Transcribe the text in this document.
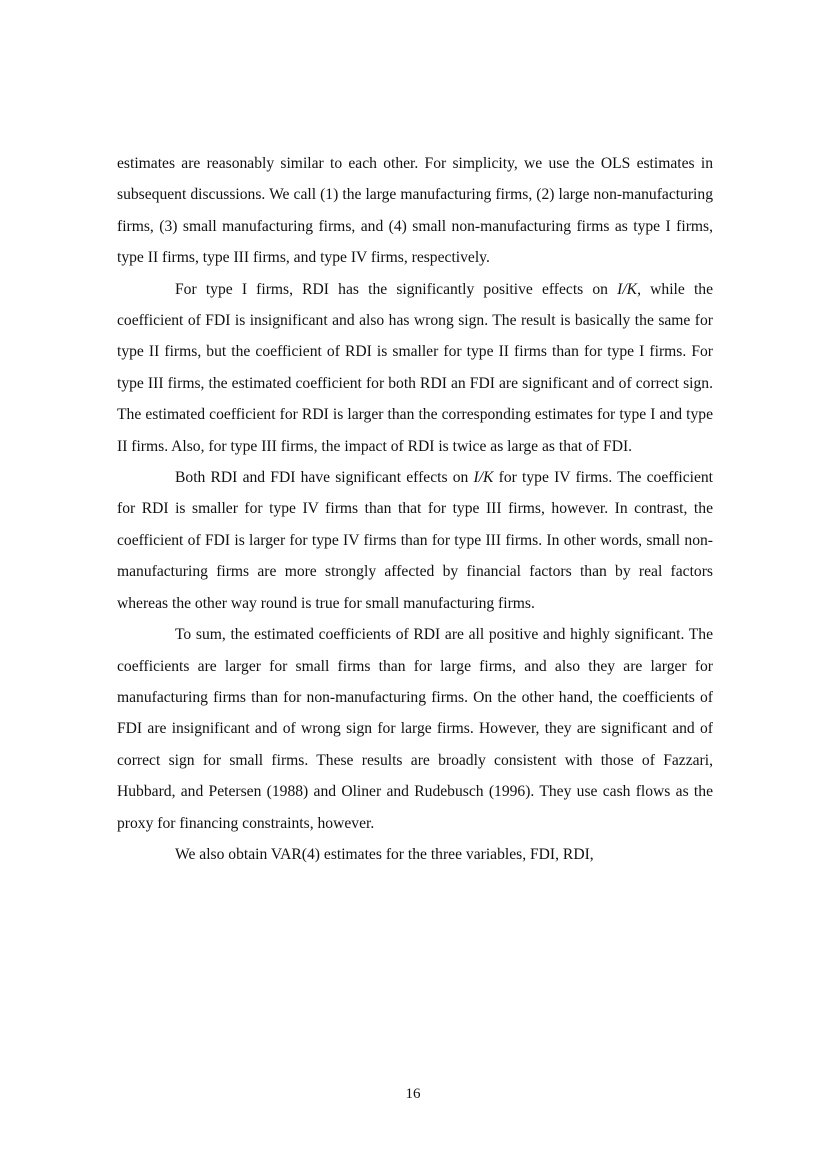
estimates are reasonably similar to each other. For simplicity, we use the OLS estimates in subsequent discussions. We call (1) the large manufacturing firms, (2) large non-manufacturing firms, (3) small manufacturing firms, and (4) small non-manufacturing firms as type I firms, type II firms, type III firms, and type IV firms, respectively.

For type I firms, RDI has the significantly positive effects on I/K, while the coefficient of FDI is insignificant and also has wrong sign. The result is basically the same for type II firms, but the coefficient of RDI is smaller for type II firms than for type I firms. For type III firms, the estimated coefficient for both RDI an FDI are significant and of correct sign. The estimated coefficient for RDI is larger than the corresponding estimates for type I and type II firms. Also, for type III firms, the impact of RDI is twice as large as that of FDI.

Both RDI and FDI have significant effects on I/K for type IV firms. The coefficient for RDI is smaller for type IV firms than that for type III firms, however. In contrast, the coefficient of FDI is larger for type IV firms than for type III firms. In other words, small non-manufacturing firms are more strongly affected by financial factors than by real factors whereas the other way round is true for small manufacturing firms.

To sum, the estimated coefficients of RDI are all positive and highly significant. The coefficients are larger for small firms than for large firms, and also they are larger for manufacturing firms than for non-manufacturing firms. On the other hand, the coefficients of FDI are insignificant and of wrong sign for large firms. However, they are significant and of correct sign for small firms. These results are broadly consistent with those of Fazzari, Hubbard, and Petersen (1988) and Oliner and Rudebusch (1996). They use cash flows as the proxy for financing constraints, however.

We also obtain VAR(4) estimates for the three variables, FDI, RDI,

16
